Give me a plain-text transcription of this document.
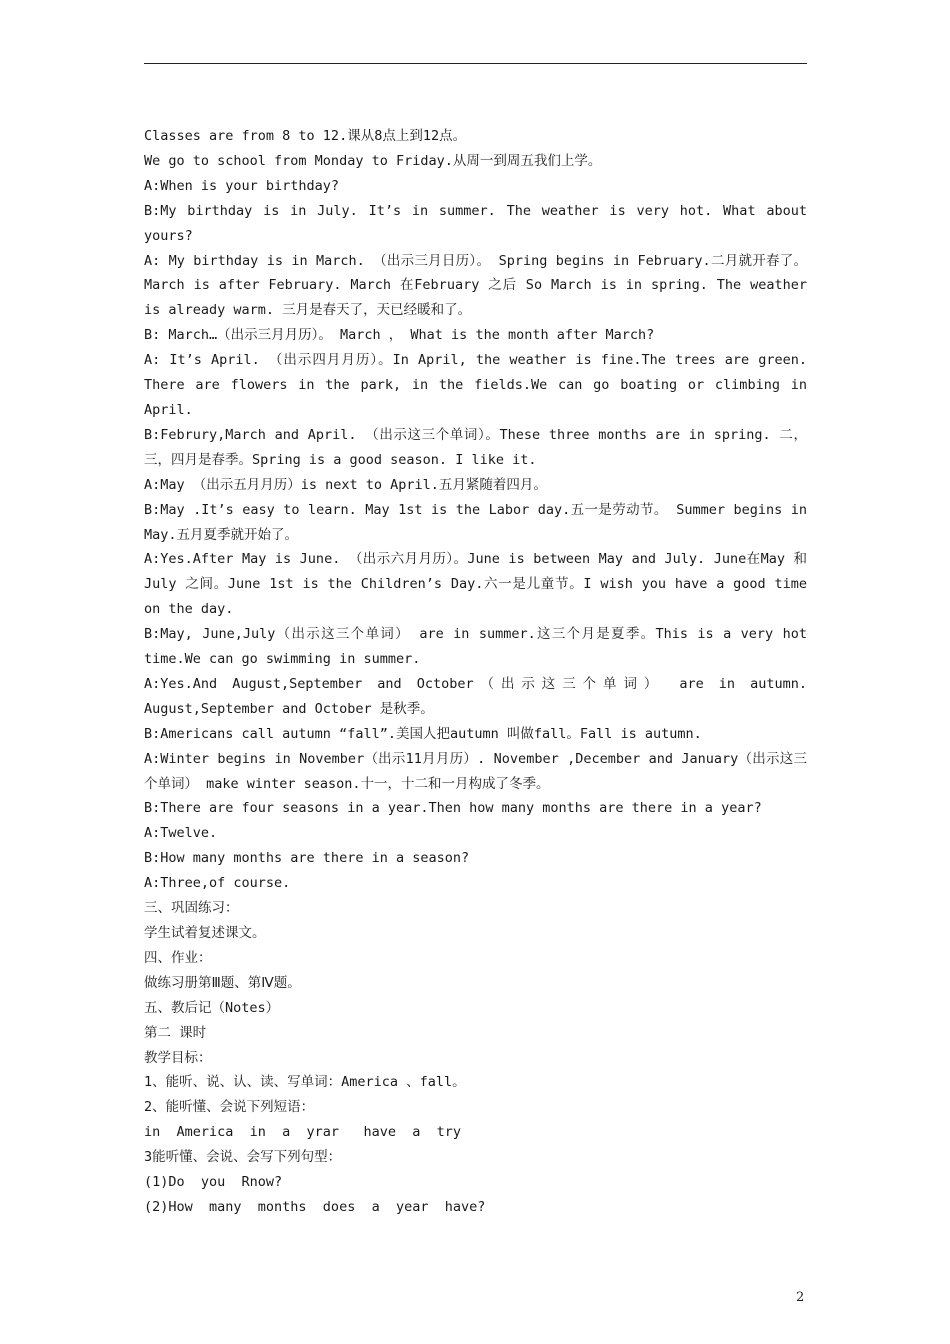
Classes are from 8 to 12.课从8点上到12点。

We go to school from Monday to Friday.从周一到周五我们上学。

A:When is your birthday?

B:My birthday is in July. It’s in summer. The weather is very hot. What about yours?

A: My birthday is in March. （出示三月日历）。 Spring begins in February.二月就开春了。March is after February. March 在February 之后 So March is in spring. The weather is already warm. 三月是春天了，天已经暖和了。

B: March…（出示三月月历）。 March ， What is the month after March?

A: It’s April. （出示四月月历）。In April, the weather is fine.The trees are green. There are flowers in the park, in the fields.We can go boating or climbing in April.

B:Februry,March and April. （出示这三个单词）。These three months are in spring. 二，三，四月是春季。Spring is a good season. I like it.

A:May （出示五月月历）is next to April.五月紧随着四月。

B:May .It’s easy to learn. May 1st is the Labor day.五一是劳动节。 Summer begins in May.五月夏季就开始了。

A:Yes.After May is June. （出示六月月历）。June is between May and July. June在May 和July 之间。June 1st is the Children’s Day.六一是儿童节。I wish you have a good time on the day.

B:May, June,July（出示这三个单词） are in summer.这三个月是夏季。This is a very hot time.We can go swimming in summer.

A:Yes.And August,September and October（出示这三个单词） are in autumn. August,September and October 是秋季。

B:Americans call autumn “fall”.美国人把autumn 叫做fall。Fall is autumn.

A:Winter begins in November（出示11月月历）. November ,December and January（出示这三个单词） make winter season.十一，十二和一月构成了冬季。

B:There are four seasons in a year.Then how many months are there in a year?

A:Twelve.

B:How many months are there in a season?

A:Three,of course.

三、巩固练习：

学生试着复述课文。

四、作业：

做练习册第Ⅲ题、第Ⅳ题。

五、教后记（Notes）

第二 课时

教学目标：

1、能听、说、认、读、写单词：America 、fall。

2、能听懂、会说下列短语：

in  America  in  a  yrar   have  a  try

3能听懂、会说、会写下列句型：

(1)Do  you  Rnow?

(2)How  many  months  does  a  year  have?

2
